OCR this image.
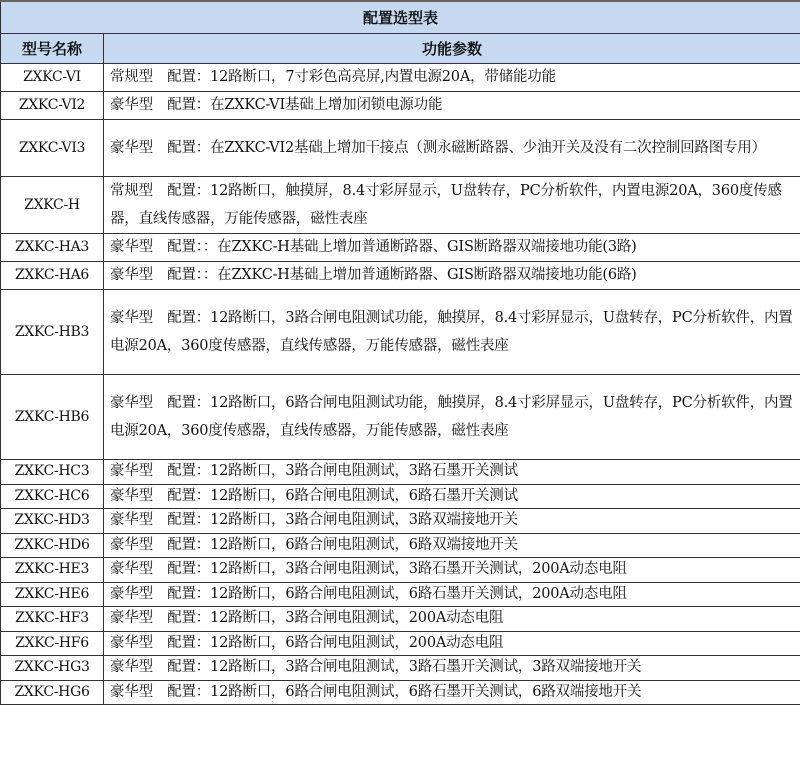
配置选型表	
型号名称	功能参数
ZXKC-VI	常规型　配置：12路断口，7寸彩色高亮屏,内置电源20A，带储能功能
ZXKC-VI2	豪华型　配置：在ZXKC-VI基础上增加闭锁电源功能
ZXKC-VI3	豪华型　配置：在ZXKC-VI2基础上增加干接点（测永磁断路器、少油开关及没有二次控制回路图专用）
ZXKC-H	常规型　配置：12路断口，触摸屏，8.4寸彩屏显示，U盘转存，PC分析软件，内置电源20A，360度传感器，直线传感器，万能传感器，磁性表座
ZXKC-HA3	豪华型　配置：：在ZXKC-H基础上增加普通断路器、GIS断路器双端接地功能(3路)
ZXKC-HA6	豪华型　配置：：在ZXKC-H基础上增加普通断路器、GIS断路器双端接地功能(6路)
ZXKC-HB3	豪华型　配置：12路断口，3路合闸电阻测试功能，触摸屏，8.4寸彩屏显示，U盘转存，PC分析软件，内置电源20A，360度传感器，直线传感器，万能传感器，磁性表座
ZXKC-HB6	豪华型　配置：12路断口，6路合闸电阻测试功能，触摸屏，8.4寸彩屏显示，U盘转存，PC分析软件，内置电源20A，360度传感器，直线传感器，万能传感器，磁性表座
ZXKC-HC3	豪华型　配置：12路断口，3路合闸电阻测试，3路石墨开关测试
ZXKC-HC6	豪华型　配置：12路断口，6路合闸电阻测试，6路石墨开关测试
ZXKC-HD3	豪华型　配置：12路断口，3路合闸电阻测试，3路双端接地开关
ZXKC-HD6	豪华型　配置：12路断口，6路合闸电阻测试，6路双端接地开关
ZXKC-HE3	豪华型　配置：12路断口，3路合闸电阻测试，3路石墨开关测试，200A动态电阻
ZXKC-HE6	豪华型　配置：12路断口，6路合闸电阻测试，6路石墨开关测试，200A动态电阻
ZXKC-HF3	豪华型　配置：12路断口，3路合闸电阻测试，200A动态电阻
ZXKC-HF6	豪华型　配置：12路断口，6路合闸电阻测试，200A动态电阻
ZXKC-HG3	豪华型　配置：12路断口，3路合闸电阻测试，3路石墨开关测试，3路双端接地开关
ZXKC-HG6	豪华型　配置：12路断口，6路合闸电阻测试，6路石墨开关测试，6路双端接地开关
